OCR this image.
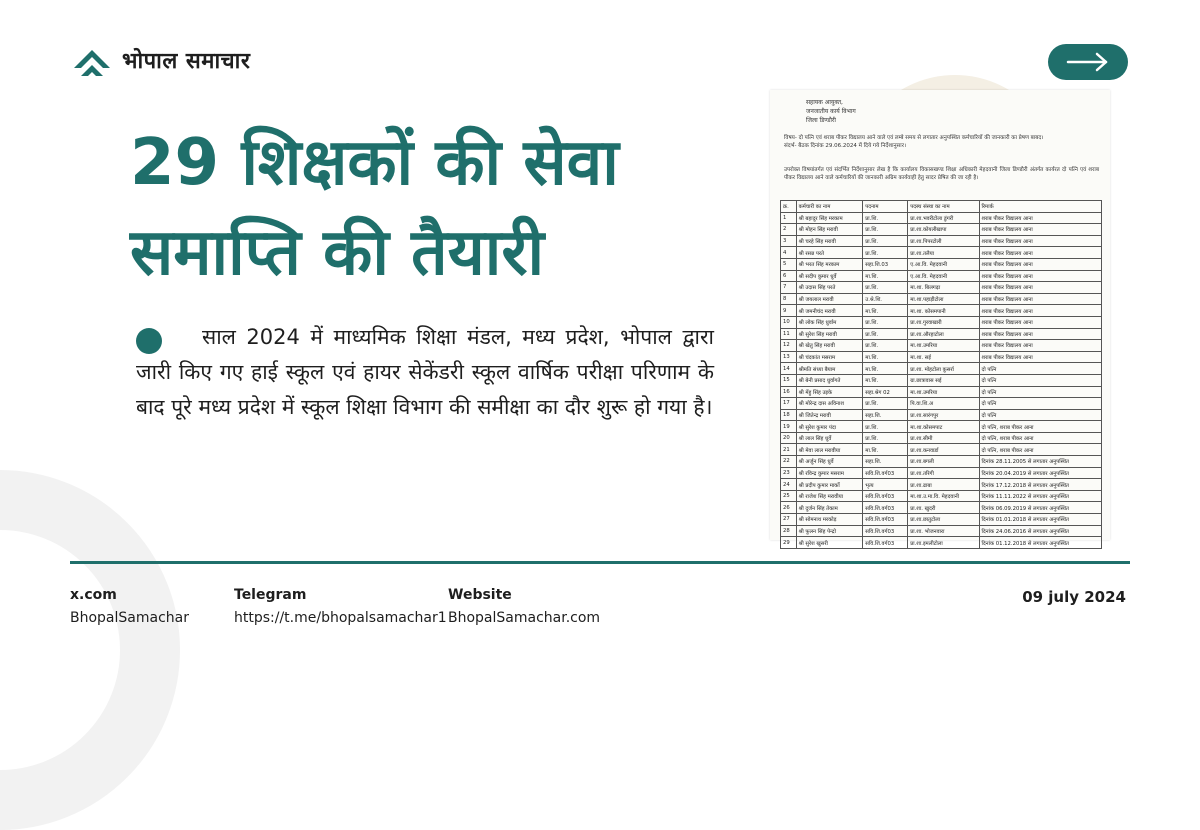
भोपाल समाचार
29 शिक्षकों की सेवा
समाप्ति की तैयारी

साल 2024 में माध्यमिक शिक्षा मंडल, मध्य प्रदेश, भोपाल द्वारा जारी किए गए हाई स्कूल एवं हायर सेकेंडरी स्कूल वार्षिक परीक्षा परिणाम के बाद पूरे मध्य प्रदेश में स्कूल शिक्षा विभाग की समीक्षा का दौर शुरू हो गया है।

सहायक आयुक्त,
जनजातीय कार्य विभाग
जिला डिण्डौरी
विषय- दो पत्नि एवं शराब पीकर विद्यालय आने वाले एवं लम्बे समय से लगातार अनुपस्थित कर्मचारियों की जानकारी का प्रेषण बाबद।
संदर्भ- बैठक दिनांक 29.06.2024 में दिये गये निर्देशानुसार।
उपरोक्त विषयांतर्गत एवं संदर्भित निर्देशानुसार लेख है कि कार्यालय विकासखण्ड शिक्षा अधिकारी मेहदवानी जिला डिण्डौरी अंतर्गत कार्यरत दो पत्नि एवं शराब पीकर विद्यालय आने वाले कर्मचारियों की जानकारी अग्रिम कार्यवाही हेतु सादर प्रेषित की जा रही है।
क्र.	कर्मचारी का नाम	पदनाम	पदस्थ संस्था का नाम	रिमार्क
1	श्री बहादुर सिंह मरकाम	प्रा.शि.	प्रा.शा.भवरीटोला डुंगरी	शराब पीकर विद्यालय आना
2	श्री मोहन सिंह मरावी	प्रा.शि.	प्रा.शा.कोयलीखापा	शराब पीकर विद्यालय आना
3	श्री चरहे सिंह मरावी	प्रा.शि.	प्रा.शा.पिपरटोली	शराब पीकर विद्यालय आना
4	श्री रसन्न परते	प्रा.शि.	प्रा.शा.तलैया	शराब पीकर विद्यालय आना
5	श्री भरत सिंह मरकाम	सहा.शि.03	ए.आ.वि. मेहदवानी	शराब पीकर विद्यालय आना
6	श्री सदीप कुमार धुर्वे	मा.शि.	ए.आ.वि. मेहदवानी	शराब पीकर विद्यालय आना
7	श्री उदास सिंह परते	प्रा.शि.	मा.शा. बिलगढ़ा	शराब पीकर विद्यालय आना
8	श्री जयलाल मरावी	उ.श्रे.शि.	मा.शा.पहाड़ीटोला	शराब पीकर विद्यालय आना
9	श्री जमनीचंद मरावी	मा.शि.	मा.शा. कोसमपानी	शराब पीकर विद्यालय आना
10	श्री लोक सिंह धुर्वाम	प्रा.शि.	प्रा.शा.गुरवाखारी	शराब पीकर विद्यालय आना
11	श्री सुरेश सिंह मरावी	प्रा.शि.	प्रा.शा.औरहाटोला	शराब पीकर विद्यालय आना
12	श्री खेतु सिंह मरावी	प्रा.शि.	मा.शा.उमरिया	शराब पीकर विद्यालय आना
13	श्री चंदकांत मसराम	मा.शि.	मा.शा. सई	शराब पीकर विद्यालय आना
14	श्रीमति संध्या बैयाम	मा.शि.	प्रा.शा. मोहटोला कुसर्रा	दो पत्नि
15	श्री बेनी प्रसाद धुर्वागते	मा.शि.	ग्रा.छात्रावास सई	दो पत्नि
16	श्री मेंहु सिंह उइके	सहा.श्रेग 02	मा.शा.उमरिया	दो पत्नि
17	श्री मोरेन्द्र दास अविनाश	प्रा.शि.	पि.वा.शि.अ	दो पत्नि
18	श्री जितेन्द्र मरावी	सहा.शि.	प्रा.शा.सारंगपुर	दो पत्नि
19	श्री सुरेश कुमार पंदा	प्रा.शि.	मा.शा.कोसमपाट	दो पत्नि, शराब पीकर आना
20	श्री लाल सिंह धुर्वे	प्रा.शि.	प्रा.शा.सीमी	दो पत्नि, शराब पीकर आना
21	श्री मेवा लाल मरावीया	मा.शि.	प्रा.शा.कनवार्डा	दो पत्नि, शराब पीकर आना
22	श्री अर्जुन सिंह धुर्वे	सहा.शि.	प्रा.शा.बगली	दिनांक 28.11.2005 से लगातार अनुपस्थित
23	श्री रविन्द्र कुमार मसराम	सवि.शि.वर्ग03	प्रा.शा.तरिगी	दिनांक 20.04.2019 से लगातार अनुपस्थित
24	श्री प्रदीप कुमार मार्को	भृत्य	प्रा.शा.ढाबा	दिनांक 17.12.2018 से लगातार अनुपस्थित
25	श्री राजेश सिंह मरावीया	सवि.शि.वर्ग03	मा.शा.उ.मा.वि. मेहदवानी	दिनांक 11.11.2022 से लगातार अनुपस्थित
26	श्री दुर्जन सिंह तेकाम	सवि.शि.वर्ग03	प्रा.शा. खुदरी	दिनांक 06.09.2019 से लगातार अनुपस्थित
27	श्री सोमनाथ मरकोड़	सवि.शि.वर्ग03	प्रा.शा.छातुटोला	दिनांक 01.01.2018 से लगातार अनुपस्थित
28	श्री फूलन सिंह पेन्द्रो	सवि.शि.वर्ग03	प्रा.शा. भोजनवारा	दिनांक 24.06.2016 से लगातार अनुपस्थित
29	श्री सुरेश खुसरी	सवि.शि.वर्ग03	प्रा.शा.इमलीटोला	दिनांक 01.12.2018 से लगातार अनुपस्थित
x.com
BhopalSamachar
Telegram
https://t.me/bhopalsamachar1
Website
BhopalSamachar.com
09 july 2024
